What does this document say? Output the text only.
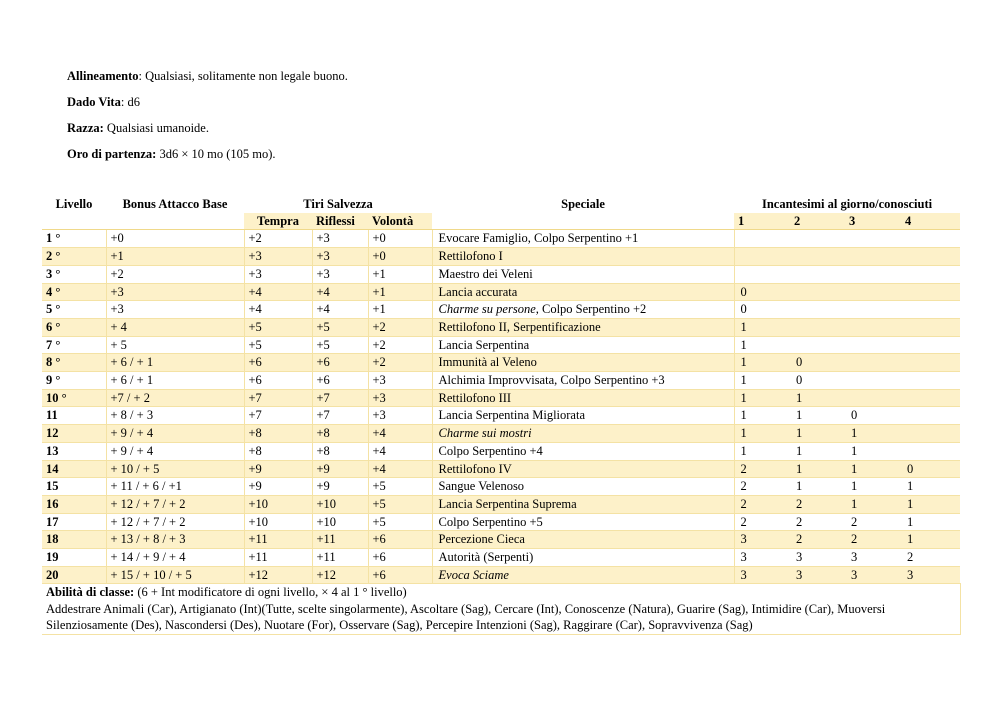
Allineamento: Qualsiasi, solitamente non legale buono.
Dado Vita: d6
Razza: Qualsiasi umanoide.
Oro di partenza: 3d6 × 10 mo (105 mo).
Livello	Bonus Attacco Base	Tiri Salvezza			Speciale	Incantesimi al giorno/conosciuti			
		Tempra	Riflessi	Volontà		1	2	3	4
1 °	+0	+2	+3	+0	Evocare Famiglio, Colpo Serpentino +1				
2 °	+1	+3	+3	+0	Rettilofono I				
3 °	+2	+3	+3	+1	Maestro dei Veleni				
4 °	+3	+4	+4	+1	Lancia accurata	0			
5 °	+3	+4	+4	+1	Charme su persone, Colpo Serpentino +2	0			
6 °	+ 4	+5	+5	+2	Rettilofono II, Serpentificazione	1			
7 °	+ 5	+5	+5	+2	Lancia Serpentina	1			
8 °	+ 6 / + 1	+6	+6	+2	Immunità al Veleno	1	0		
9 °	+ 6 / + 1	+6	+6	+3	Alchimia Improvvisata, Colpo Serpentino +3	1	0		
10 °	+7 / + 2	+7	+7	+3	Rettilofono III	1	1		
11	+ 8 / + 3	+7	+7	+3	Lancia Serpentina Migliorata	1	1	0	
12	+ 9 / + 4	+8	+8	+4	Charme sui mostri	1	1	1	
13	+ 9 / + 4	+8	+8	+4	Colpo Serpentino +4	1	1	1	
14	+ 10 / + 5	+9	+9	+4	Rettilofono IV	2	1	1	0
15	+ 11 / + 6 / +1	+9	+9	+5	Sangue Velenoso	2	1	1	1
16	+ 12 / + 7 / + 2	+10	+10	+5	Lancia Serpentina Suprema	2	2	1	1
17	+ 12 / + 7 / + 2	+10	+10	+5	Colpo Serpentino +5	2	2	2	1
18	+ 13 / + 8 / + 3	+11	+11	+6	Percezione Cieca	3	2	2	1
19	+ 14 / + 9 / + 4	+11	+11	+6	Autorità (Serpenti)	3	3	3	2
20	+ 15 / + 10 / + 5	+12	+12	+6	Evoca Sciame	3	3	3	3
Abilità di classe: (6 + Int modificatore di ogni livello, × 4 al 1 ° livello)
Addestrare Animali (Car), Artigianato (Int)(Tutte, scelte singolarmente), Ascoltare (Sag), Cercare (Int), Conoscenze (Natura), Guarire (Sag), Intimidire (Car), Muoversi Silenziosamente (Des), Nascondersi (Des), Nuotare (For), Osservare (Sag), Percepire Intenzioni (Sag), Raggirare (Car), Sopravvivenza (Sag)									
